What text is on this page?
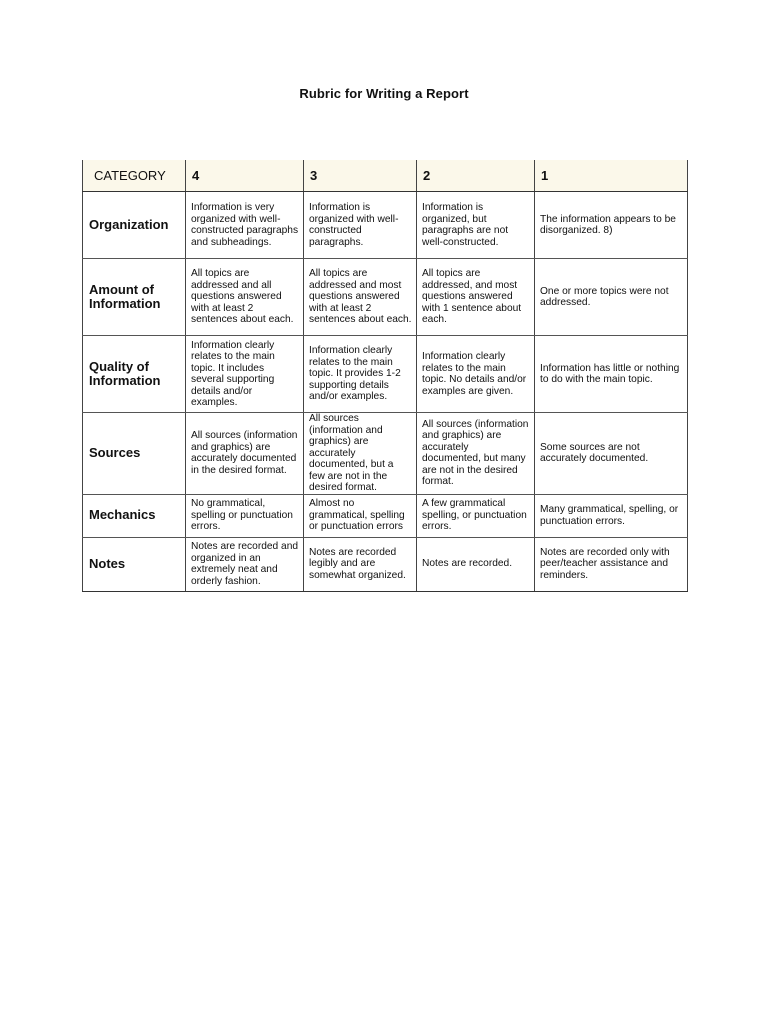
Rubric for Writing a Report
CATEGORY	4	3	2	1
Organization	Information is very organized with well-constructed paragraphs and subheadings.	Information is organized with well-constructed paragraphs.	Information is organized, but paragraphs are not well-constructed.	The information appears to be disorganized. 8)
Amount of Information	All topics are addressed and all questions answered with at least 2 sentences about each.	All topics are addressed and most questions answered with at least 2 sentences about each.	All topics are addressed, and most questions answered with 1 sentence about each.	One or more topics were not addressed.
Quality of Information	Information clearly relates to the main topic. It includes several supporting details and/or examples.	Information clearly relates to the main topic. It provides 1-2 supporting details and/or examples.	Information clearly relates to the main topic. No details and/or examples are given.	Information has little or nothing to do with the main topic.
Sources	All sources (information and graphics) are accurately documented in the desired format.	All sources (information and graphics) are accurately documented, but a few are not in the desired format.	All sources (information and graphics) are accurately documented, but many are not in the desired format.	Some sources are not accurately documented.
Mechanics	No grammatical, spelling or punctuation errors.	Almost no grammatical, spelling or punctuation errors	A few grammatical spelling, or punctuation errors.	Many grammatical, spelling, or punctuation errors.
Notes	Notes are recorded and organized in an extremely neat and orderly fashion.	Notes are recorded legibly and are somewhat organized.	Notes are recorded.	Notes are recorded only with peer/teacher assistance and reminders.
